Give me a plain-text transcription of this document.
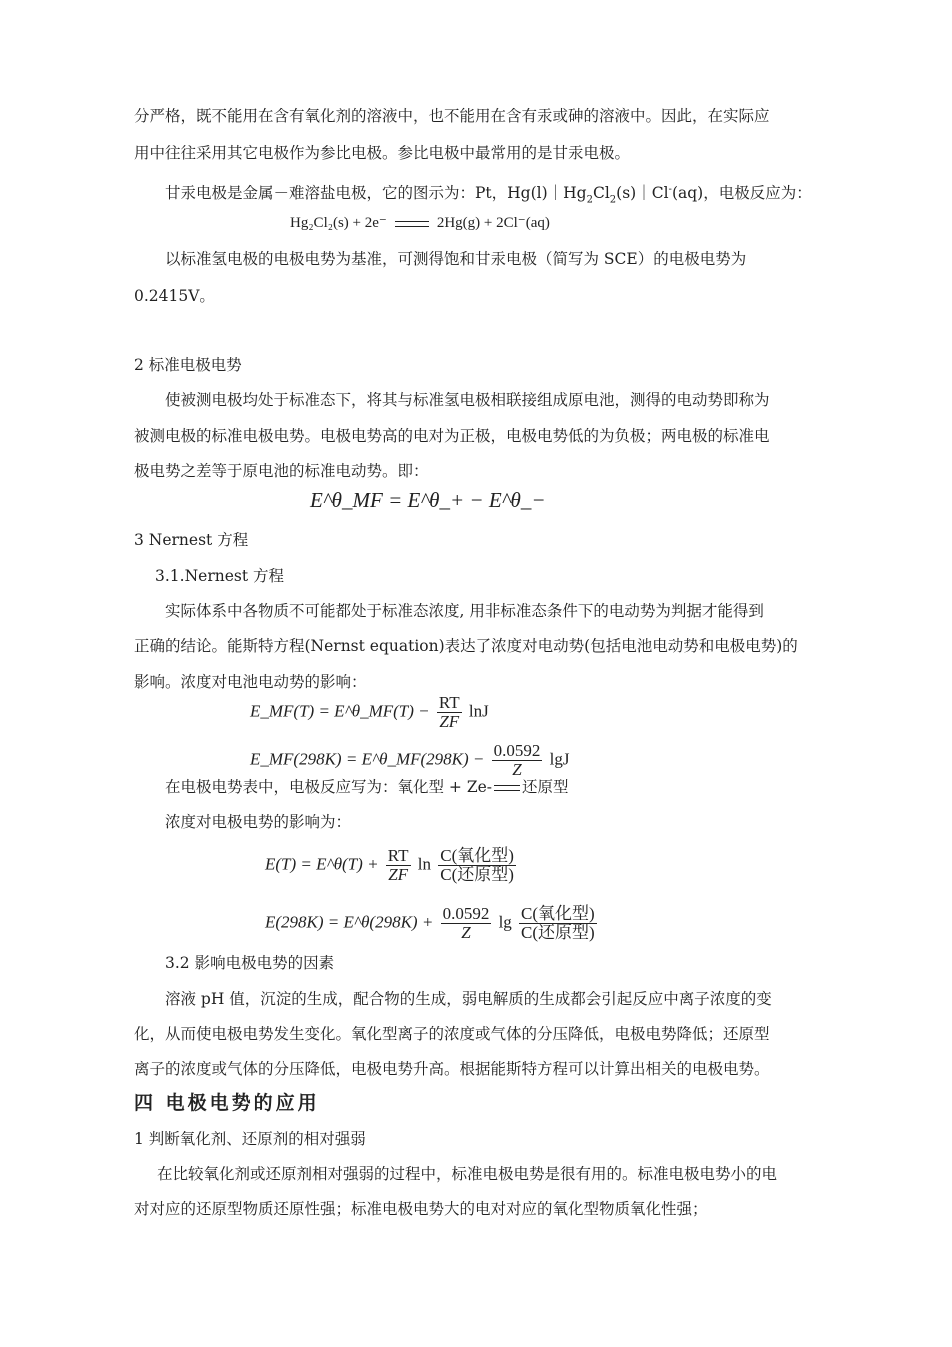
分严格，既不能用在含有氧化剂的溶液中，也不能用在含有汞或砷的溶液中。因此，在实际应
用中往往采用其它电极作为参比电极。参比电极中最常用的是甘汞电极。
甘汞电极是金属－难溶盐电极，它的图示为：Pt，$Hg(l)|Hg_2Cl_2(s)|Cl^-(aq)$，电极反应为：
Hg₂Cl₂(s) + 2e⁻	2Hg(g) + 2Cl⁻(aq)
以标准氢电极的电极电势为基准，可测得饱和甘汞电极（简写为 SCE）的电极电势为
0.2415V。
2 标准电极电势
使被测电极均处于标准态下，将其与标准氢电极相联接组成原电池，测得的电动势即称为
被测电极的标准电极电势。电极电势高的电对为正极，电极电势低的为负极；两电极的标准电
极电势之差等于原电池的标准电动势。即：
E^θ_MF = E^θ_+ − E^θ_−
3 Nernest 方程
3.1.Nernest 方程
实际体系中各物质不可能都处于标准态浓度, 用非标准态条件下的电动势为判据才能得到
正确的结论。能斯特方程(Nernst equation)表达了浓度对电动势(包括电池电动势和电极电势)的
影响。浓度对电池电动势的影响：
E_MF(T) = E^θ_MF(T) − $\frac{RT}{ZF}$ lnJ
E_MF(298K) = E^θ_MF(298K) − $\frac{0.0592}{Z}$ lgJ
在电极电势表中，电极反应写为：氧化型 + Ze- 还原型
浓度对电极电势的影响为：
E(T) = E^θ(T) + $\frac{RT}{ZF}$ $\ln \frac{\text{C(氧化型)}}{\text{C(还原型)}}$
E(298K) = E^θ(298K) + $\frac{0.0592}{Z}$ $\lg \frac{\text{C(氧化型)}}{\text{C(还原型)}}$
3.2 影响电极电势的因素
溶液 pH 值，沉淀的生成，配合物的生成，弱电解质的生成都会引起反应中离子浓度的变
化，从而使电极电势发生变化。氧化型离子的浓度或气体的分压降低，电极电势降低；还原型
离子的浓度或气体的分压降低，电极电势升高。根据能斯特方程可以计算出相关的电极电势。
四 电极电势的应用
1 判断氧化剂、还原剂的相对强弱
在比较氧化剂或还原剂相对强弱的过程中，标准电极电势是很有用的。标准电极电势小的电
对对应的还原型物质还原性强；标准电极电势大的电对对应的氧化型物质氧化性强；
